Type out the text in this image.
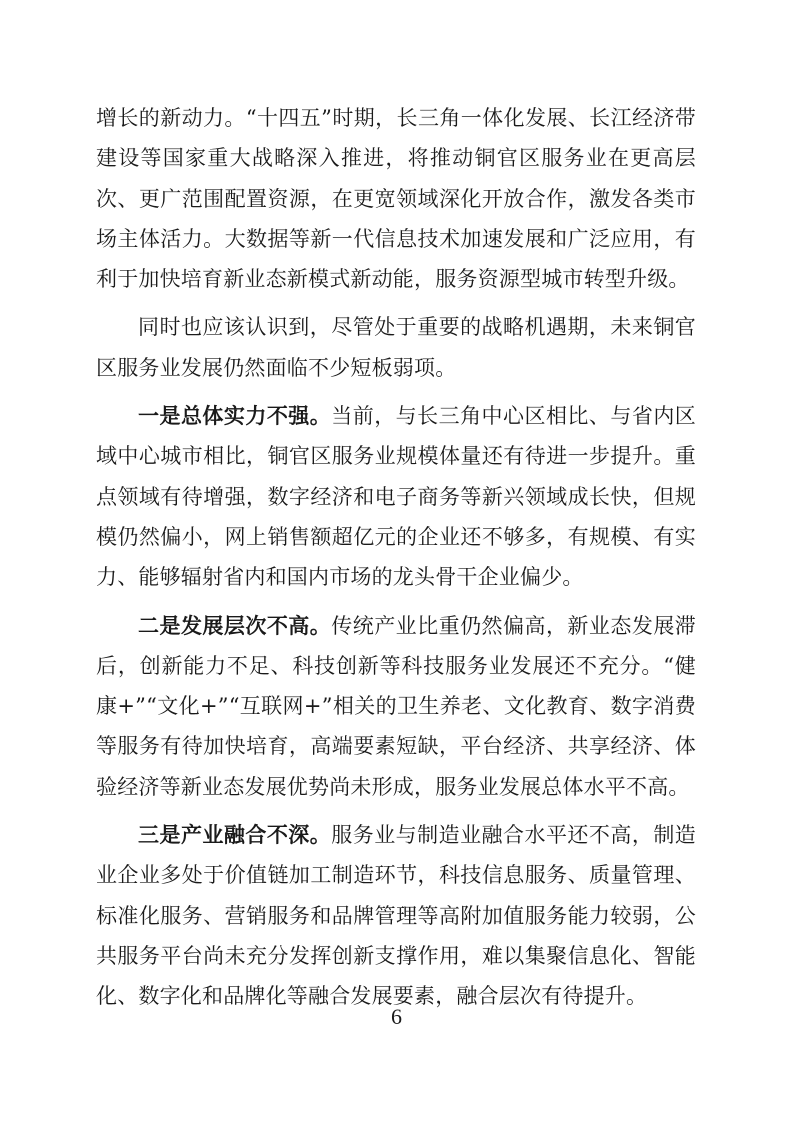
增长的新动力。“十四五”时期，长三角一体化发展、长江经济带建设等国家重大战略深入推进，将推动铜官区服务业在更高层次、更广范围配置资源，在更宽领域深化开放合作，激发各类市场主体活力。大数据等新一代信息技术加速发展和广泛应用，有利于加快培育新业态新模式新动能，服务资源型城市转型升级。

同时也应该认识到，尽管处于重要的战略机遇期，未来铜官区服务业发展仍然面临不少短板弱项。

一是总体实力不强。当前，与长三角中心区相比、与省内区域中心城市相比，铜官区服务业规模体量还有待进一步提升。重点领域有待增强，数字经济和电子商务等新兴领域成长快，但规模仍然偏小，网上销售额超亿元的企业还不够多，有规模、有实力、能够辐射省内和国内市场的龙头骨干企业偏少。

二是发展层次不高。传统产业比重仍然偏高，新业态发展滞后，创新能力不足、科技创新等科技服务业发展还不充分。“健康+”“文化+”“互联网+”相关的卫生养老、文化教育、数字消费等服务有待加快培育，高端要素短缺，平台经济、共享经济、体验经济等新业态发展优势尚未形成，服务业发展总体水平不高。

三是产业融合不深。服务业与制造业融合水平还不高，制造业企业多处于价值链加工制造环节，科技信息服务、质量管理、标准化服务、营销服务和品牌管理等高附加值服务能力较弱，公共服务平台尚未充分发挥创新支撑作用，难以集聚信息化、智能化、数字化和品牌化等融合发展要素，融合层次有待提升。

6
